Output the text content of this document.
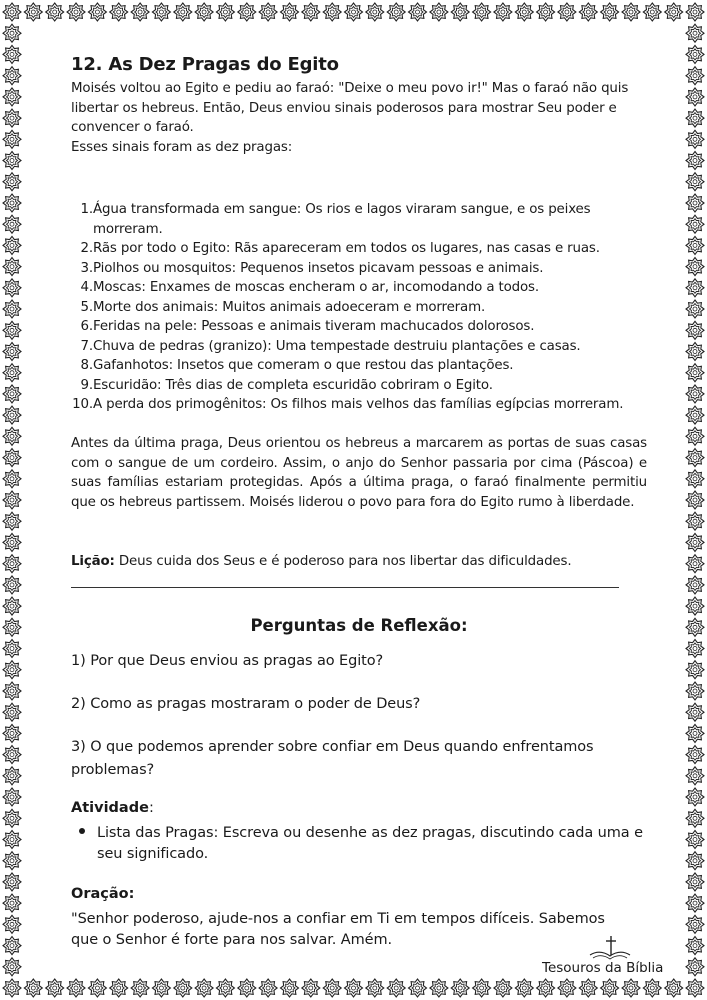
12. As Dez Pragas do Egito
Moisés voltou ao Egito e pediu ao faraó: "Deixe o meu povo ir!" Mas o faraó não quis libertar os hebreus. Então, Deus enviou sinais poderosos para mostrar Seu poder e convencer o faraó.
Esses sinais foram as dez pragas:
1. Água transformada em sangue: Os rios e lagos viraram sangue, e os peixes morreram.
2. Rãs por todo o Egito: Rãs apareceram em todos os lugares, nas casas e ruas.
3. Piolhos ou mosquitos: Pequenos insetos picavam pessoas e animais.
4. Moscas: Enxames de moscas encheram o ar, incomodando a todos.
5. Morte dos animais: Muitos animais adoeceram e morreram.
6. Feridas na pele: Pessoas e animais tiveram machucados dolorosos.
7. Chuva de pedras (granizo): Uma tempestade destruiu plantações e casas.
8. Gafanhotos: Insetos que comeram o que restou das plantações.
9. Escuridão: Três dias de completa escuridão cobriram o Egito.
10. A perda dos primogênitos: Os filhos mais velhos das famílias egípcias morreram.
Antes da última praga, Deus orientou os hebreus a marcarem as portas de suas casas com o sangue de um cordeiro. Assim, o anjo do Senhor passaria por cima (Páscoa) e suas famílias estariam protegidas. Após a última praga, o faraó finalmente permitiu que os hebreus partissem. Moisés liderou o povo para fora do Egito rumo à liberdade.
Lição: Deus cuida dos Seus e é poderoso para nos libertar das dificuldades.
Perguntas de Reflexão:
1) Por que Deus enviou as pragas ao Egito?
2) Como as pragas mostraram o poder de Deus?
3) O que podemos aprender sobre confiar em Deus quando enfrentamos problemas?
Atividade:
Lista das Pragas: Escreva ou desenhe as dez pragas, discutindo cada uma e seu significado.
Oração:
"Senhor poderoso, ajude-nos a confiar em Ti em tempos difíceis. Sabemos que o Senhor é forte para nos salvar. Amém.
Tesouros da Bíblia
